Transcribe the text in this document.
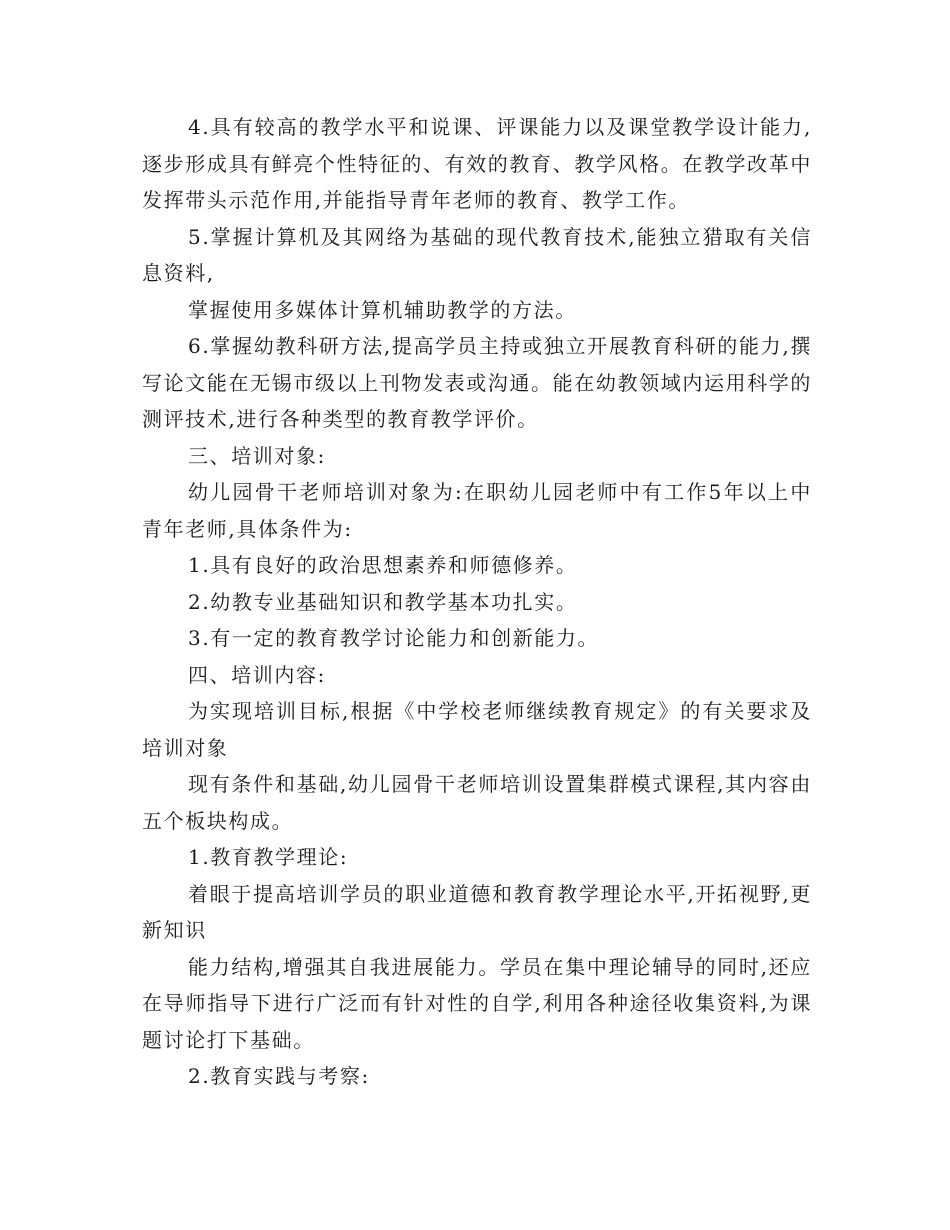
4.具有较高的教学水平和说课、评课能力以及课堂教学设计能力,逐步形成具有鲜亮个性特征的、有效的教育、教学风格。在教学改革中发挥带头示范作用,并能指导青年老师的教育、教学工作。

5.掌握计算机及其网络为基础的现代教育技术,能独立猎取有关信息资料,

掌握使用多媒体计算机辅助教学的方法。

6.掌握幼教科研方法,提高学员主持或独立开展教育科研的能力,撰写论文能在无锡市级以上刊物发表或沟通。能在幼教领域内运用科学的测评技术,进行各种类型的教育教学评价。

三、培训对象:

幼儿园骨干老师培训对象为:在职幼儿园老师中有工作5年以上中青年老师,具体条件为:

1.具有良好的政治思想素养和师德修养。

2.幼教专业基础知识和教学基本功扎实。

3.有一定的教育教学讨论能力和创新能力。

四、培训内容:

为实现培训目标,根据《中学校老师继续教育规定》的有关要求及培训对象

现有条件和基础,幼儿园骨干老师培训设置集群模式课程,其内容由五个板块构成。

1.教育教学理论:

着眼于提高培训学员的职业道德和教育教学理论水平,开拓视野,更新知识

能力结构,增强其自我进展能力。学员在集中理论辅导的同时,还应在导师指导下进行广泛而有针对性的自学,利用各种途径收集资料,为课题讨论打下基础。

2.教育实践与考察:
